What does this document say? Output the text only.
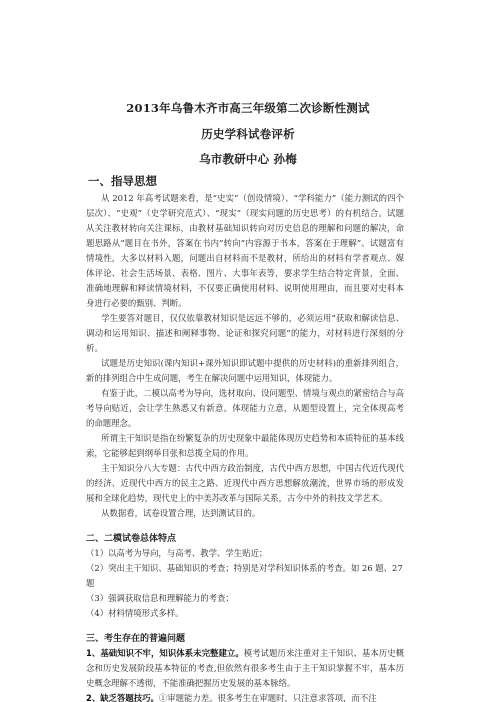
2013年乌鲁木齐市高三年级第二次诊断性测试
历史学科试卷评析
乌市教研中心 孙梅
一、指导思想
从 2012 年高考试题来看，是“史实”（创设情境）、“学科能力”（能力测试的四个层次）、“史观”（史学研究范式）、“现实”（现实问题的历史思考）的有机结合。试题从关注教材转向关注课标，由教材基础知识转向对历史信息的理解和问题的解决，命题思路从“题目在书外，答案在书内”转向“内容源于书本，答案在于理解”。试题富有情境性，大多以材料入题，问题出自材料而不是教材，所给出的材料有学者观点、媒体评论、社会生活场景、表格、图片、大事年表等，要求学生结合特定背景，全面、准确地理解和释读情境材料，不仅要正确使用材料、说明使用理由，而且要对史料本身进行必要的甄别、判断。
学生要答对题目，仅仅依靠教材知识是远远不够的，必须运用“获取和解读信息、调动和运用知识、描述和阐释事物、论证和探究问题”的能力，对材料进行深刻的分析。
试题是历史知识(课内知识+课外知识即试题中提供的历史材料)的重新排列组合，新的排列组合中生成问题，考生在解决问题中运用知识，体现能力。
有鉴于此，二模以高考为导向，选材取向、设问题型、情境与观点的紧密结合与高考导向贴近，会让学生熟悉又有新意。体现能力立意，从题型设置上，完全体现高考的命题理念。
所谓主干知识是指在纷繁复杂的历史现象中最能体现历史趋势和本质特征的基本线索，它能够起到纲举目张和总揽全局的作用。
主干知识分八大专题：古代中西方政治制度，古代中西方思想，中国古代近代现代的经济、近现代中西方的民主之路、近现代中西方思想解放潮流，世界市场的形成发展和全球化趋势，现代史上的中美苏改革与国际关系，古今中外的科技文学艺术。
从数据看，试卷设置合理，达到测试目的。
二、二模试卷总体特点
（1）以高考为导向，与高考、教学、学生贴近；
（2）突出主干知识、基础知识的考查；特别是对学科知识体系的考查。如 26 题、27 题
（3）强调获取信息和理解能力的考查；
（4）材料情境形式多样。
三、考生存在的普遍问题
1、基础知识不牢，知识体系未完整建立。模考试题历来注重对主干知识、基本历史概念和历史发展阶段基本特征的考查,但依然有很多考生由于主干知识掌握不牢，基本历史概念理解不透彻，不能准确把握历史发展的基本脉络。
2、缺乏答题技巧。①审题能力差。很多考生在审题时，只注意求答项，而不注
